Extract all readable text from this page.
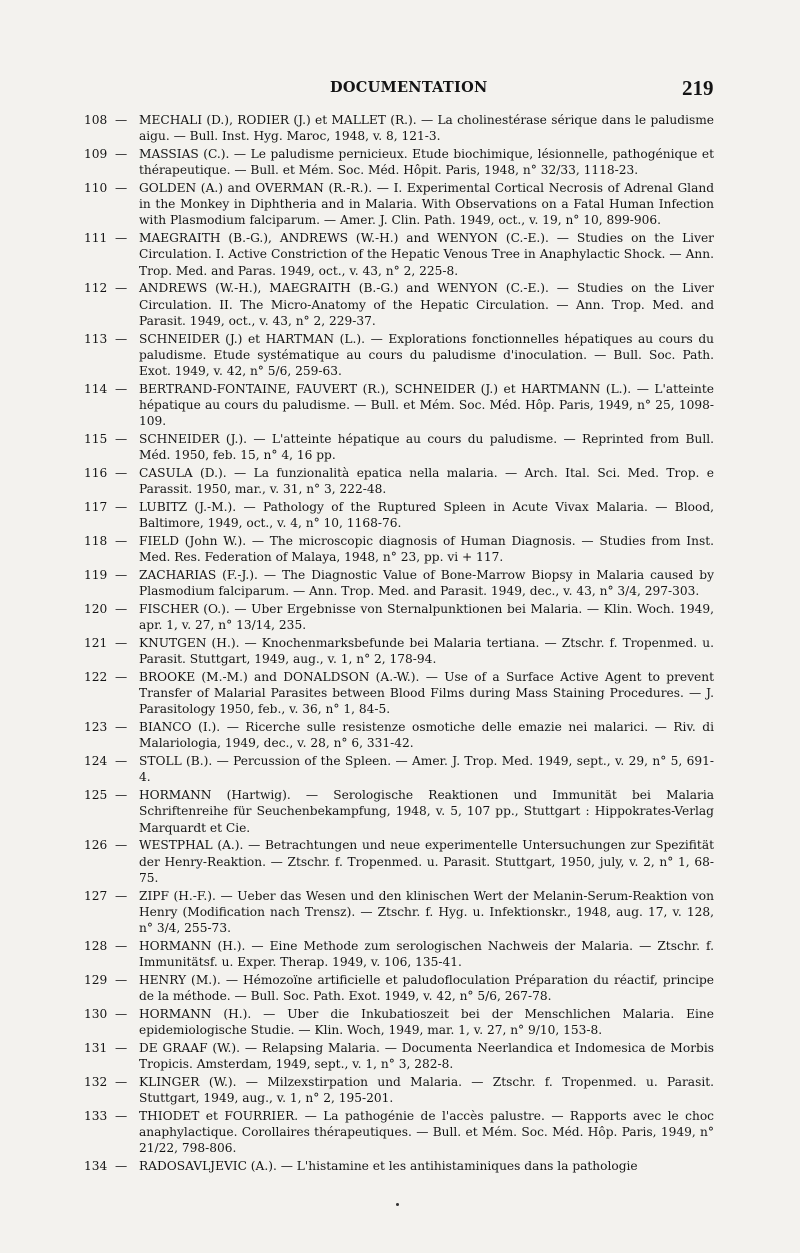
DOCUMENTATION	219
108 — MECHALI (D.), RODIER (J.) et MALLET (R.). — La cholinestérase sérique dans le paludisme aigu. — Bull. Inst. Hyg. Maroc, 1948, v. 8, 121-3.
109 — MASSIAS (C.). — Le paludisme pernicieux. Etude biochimique, lésionnelle, pathogénique et thérapeutique. — Bull. et Mém. Soc. Méd. Hôpit. Paris, 1948, n° 32/33, 1118-23.
110 — GOLDEN (A.) and OVERMAN (R.-R.). — I. Experimental Cortical Necrosis of Adrenal Gland in the Monkey in Diphtheria and in Malaria. With Observations on a Fatal Human Infection with Plasmodium falciparum. — Amer. J. Clin. Path. 1949, oct., v. 19, n° 10, 899-906.
111 — MAEGRAITH (B.-G.), ANDREWS (W.-H.) and WENYON (C.-E.). — Studies on the Liver Circulation. I. Active Constriction of the Hepatic Venous Tree in Anaphylactic Shock. — Ann. Trop. Med. and Paras. 1949, oct., v. 43, n° 2, 225-8.
112 — ANDREWS (W.-H.), MAEGRAITH (B.-G.) and WENYON (C.-E.). — Studies on the Liver Circulation. II. The Micro-Anatomy of the Hepatic Circulation. — Ann. Trop. Med. and Parasit. 1949, oct., v. 43, n° 2, 229-37.
113 — SCHNEIDER (J.) et HARTMAN (L.). — Explorations fonctionnelles hépatiques au cours du paludisme. Etude systématique au cours du paludisme d'inoculation. — Bull. Soc. Path. Exot. 1949, v. 42, n° 5/6, 259-63.
114 — BERTRAND-FONTAINE, FAUVERT (R.), SCHNEIDER (J.) et HARTMANN (L.). — L'atteinte hépatique au cours du paludisme. — Bull. et Mém. Soc. Méd. Hôp. Paris, 1949, n° 25, 1098-109.
115 — SCHNEIDER (J.). — L'atteinte hépatique au cours du paludisme. — Reprinted from Bull. Méd. 1950, feb. 15, n° 4, 16 pp.
116 — CASULA (D.). — La funzionalità epatica nella malaria. — Arch. Ital. Sci. Med. Trop. e Parassit. 1950, mar., v. 31, n° 3, 222-48.
117 — LUBITZ (J.-M.). — Pathology of the Ruptured Spleen in Acute Vivax Malaria. — Blood, Baltimore, 1949, oct., v. 4, n° 10, 1168-76.
118 — FIELD (John W.). — The microscopic diagnosis of Human Diagnosis. — Studies from Inst. Med. Res. Federation of Malaya, 1948, n° 23, pp. vi + 117.
119 — ZACHARIAS (F.-J.). — The Diagnostic Value of Bone-Marrow Biopsy in Malaria caused by Plasmodium falciparum. — Ann. Trop. Med. and Parasit. 1949, dec., v. 43, n° 3/4, 297-303.
120 — FISCHER (O.). — Uber Ergebnisse von Sternalpunktionen bei Malaria. — Klin. Woch. 1949, apr. 1, v. 27, n° 13/14, 235.
121 — KNUTGEN (H.). — Knochenmarksbefunde bei Malaria tertiana. — Ztschr. f. Tropenmed. u. Parasit. Stuttgart, 1949, aug., v. 1, n° 2, 178-94.
122 — BROOKE (M.-M.) and DONALDSON (A.-W.). — Use of a Surface Active Agent to prevent Transfer of Malarial Parasites between Blood Films during Mass Staining Procedures. — J. Parasitology 1950, feb., v. 36, n° 1, 84-5.
123 — BIANCO (I.). — Ricerche sulle resistenze osmotiche delle emazie nei malarici. — Riv. di Malariologia, 1949, dec., v. 28, n° 6, 331-42.
124 — STOLL (B.). — Percussion of the Spleen. — Amer. J. Trop. Med. 1949, sept., v. 29, n° 5, 691-4.
125 — HORMANN (Hartwig). — Serologische Reaktionen und Immunität bei Malaria Schriftenreihe für Seuchenbekampfung, 1948, v. 5, 107 pp., Stuttgart : Hippokrates-Verlag Marquardt et Cie.
126 — WESTPHAL (A.). — Betrachtungen und neue experimentelle Untersuchungen zur Spezifität der Henry-Reaktion. — Ztschr. f. Tropenmed. u. Parasit. Stuttgart, 1950, july, v. 2, n° 1, 68-75.
127 — ZIPF (H.-F.). — Ueber das Wesen und den klinischen Wert der Melanin-Serum-Reaktion von Henry (Modification nach Trensz). — Ztschr. f. Hyg. u. Infektionskr., 1948, aug. 17, v. 128, n° 3/4, 255-73.
128 — HORMANN (H.). — Eine Methode zum serologischen Nachweis der Malaria. — Ztschr. f. Immunitätsf. u. Exper. Therap. 1949, v. 106, 135-41.
129 — HENRY (M.). — Hémozoïne artificielle et paludofloculation Préparation du réactif, principe de la méthode. — Bull. Soc. Path. Exot. 1949, v. 42, n° 5/6, 267-78.
130 — HORMANN (H.). — Uber die Inkubatioszeit bei der Menschlichen Malaria. Eine epidemiologische Studie. — Klin. Woch, 1949, mar. 1, v. 27, n° 9/10, 153-8.
131 — DE GRAAF (W.). — Relapsing Malaria. — Documenta Neerlandica et Indomesica de Morbis Tropicis. Amsterdam, 1949, sept., v. 1, n° 3, 282-8.
132 — KLINGER (W.). — Milzexstirpation und Malaria. — Ztschr. f. Tropenmed. u. Parasit. Stuttgart, 1949, aug., v. 1, n° 2, 195-201.
133 — THIODET et FOURRIER. — La pathogénie de l'accès palustre. — Rapports avec le choc anaphylactique. Corollaires thérapeutiques. — Bull. et Mém. Soc. Méd. Hôp. Paris, 1949, n° 21/22, 798-806.
134 — RADOSAVLJEVIC (A.). — L'histamine et les antihistaminiques dans la pathologie
